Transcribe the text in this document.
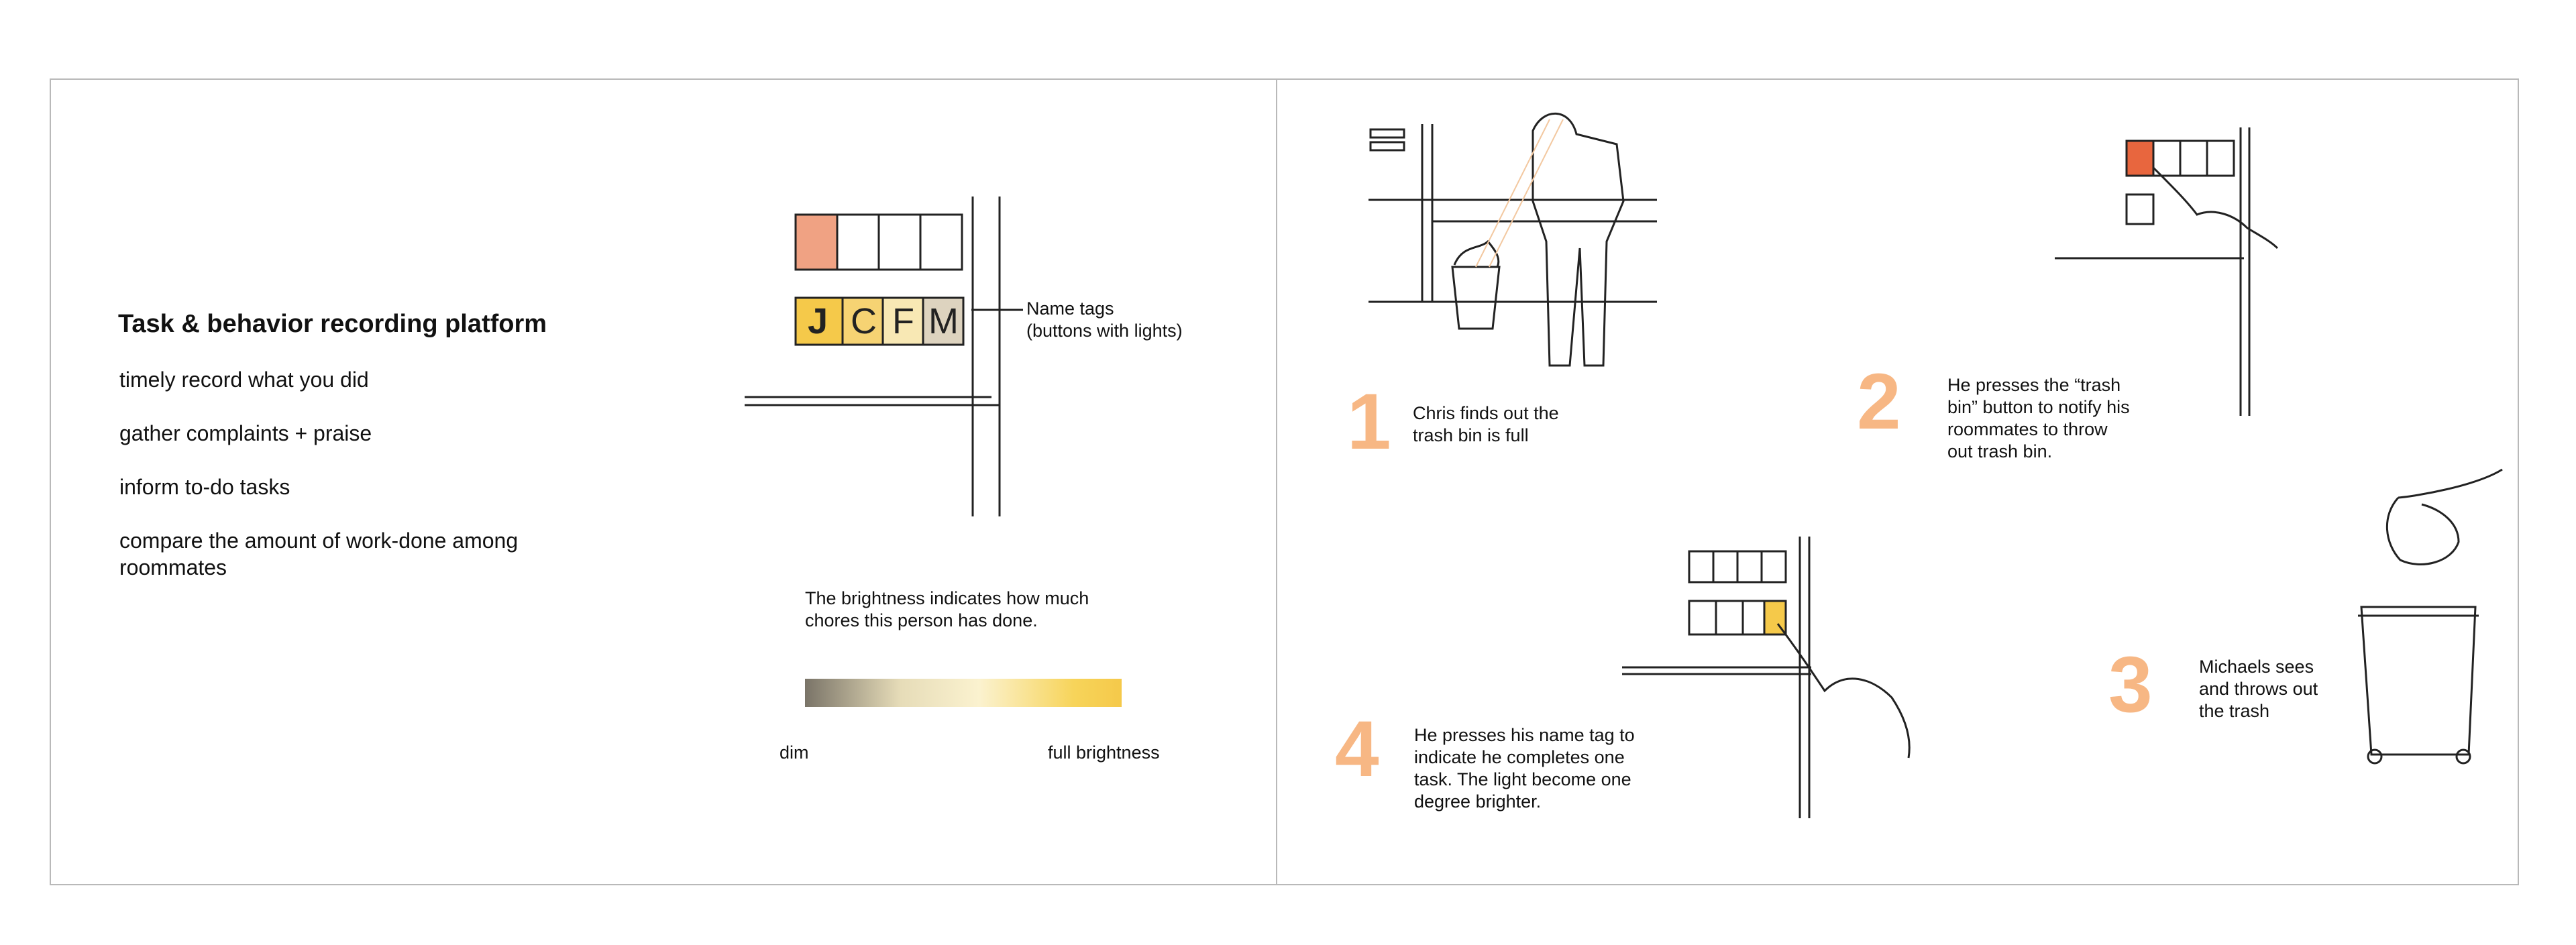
Task & behavior recording platform
timely record what you did
gather complaints + praise
inform to-do tasks
compare the amount of work-done among roommates
J C F M	Name tags
(buttons with lights)
The brightness indicates how much
chores this person has done.
dim	full brightness
1	2
3
4
Chris finds out the
trash bin is full
He presses the “trash
bin” button to notify his
roommates to throw
out trash bin.
Michaels sees
and throws out
the trash
He presses his name tag to
indicate he completes one
task. The light become one
degree brighter.
